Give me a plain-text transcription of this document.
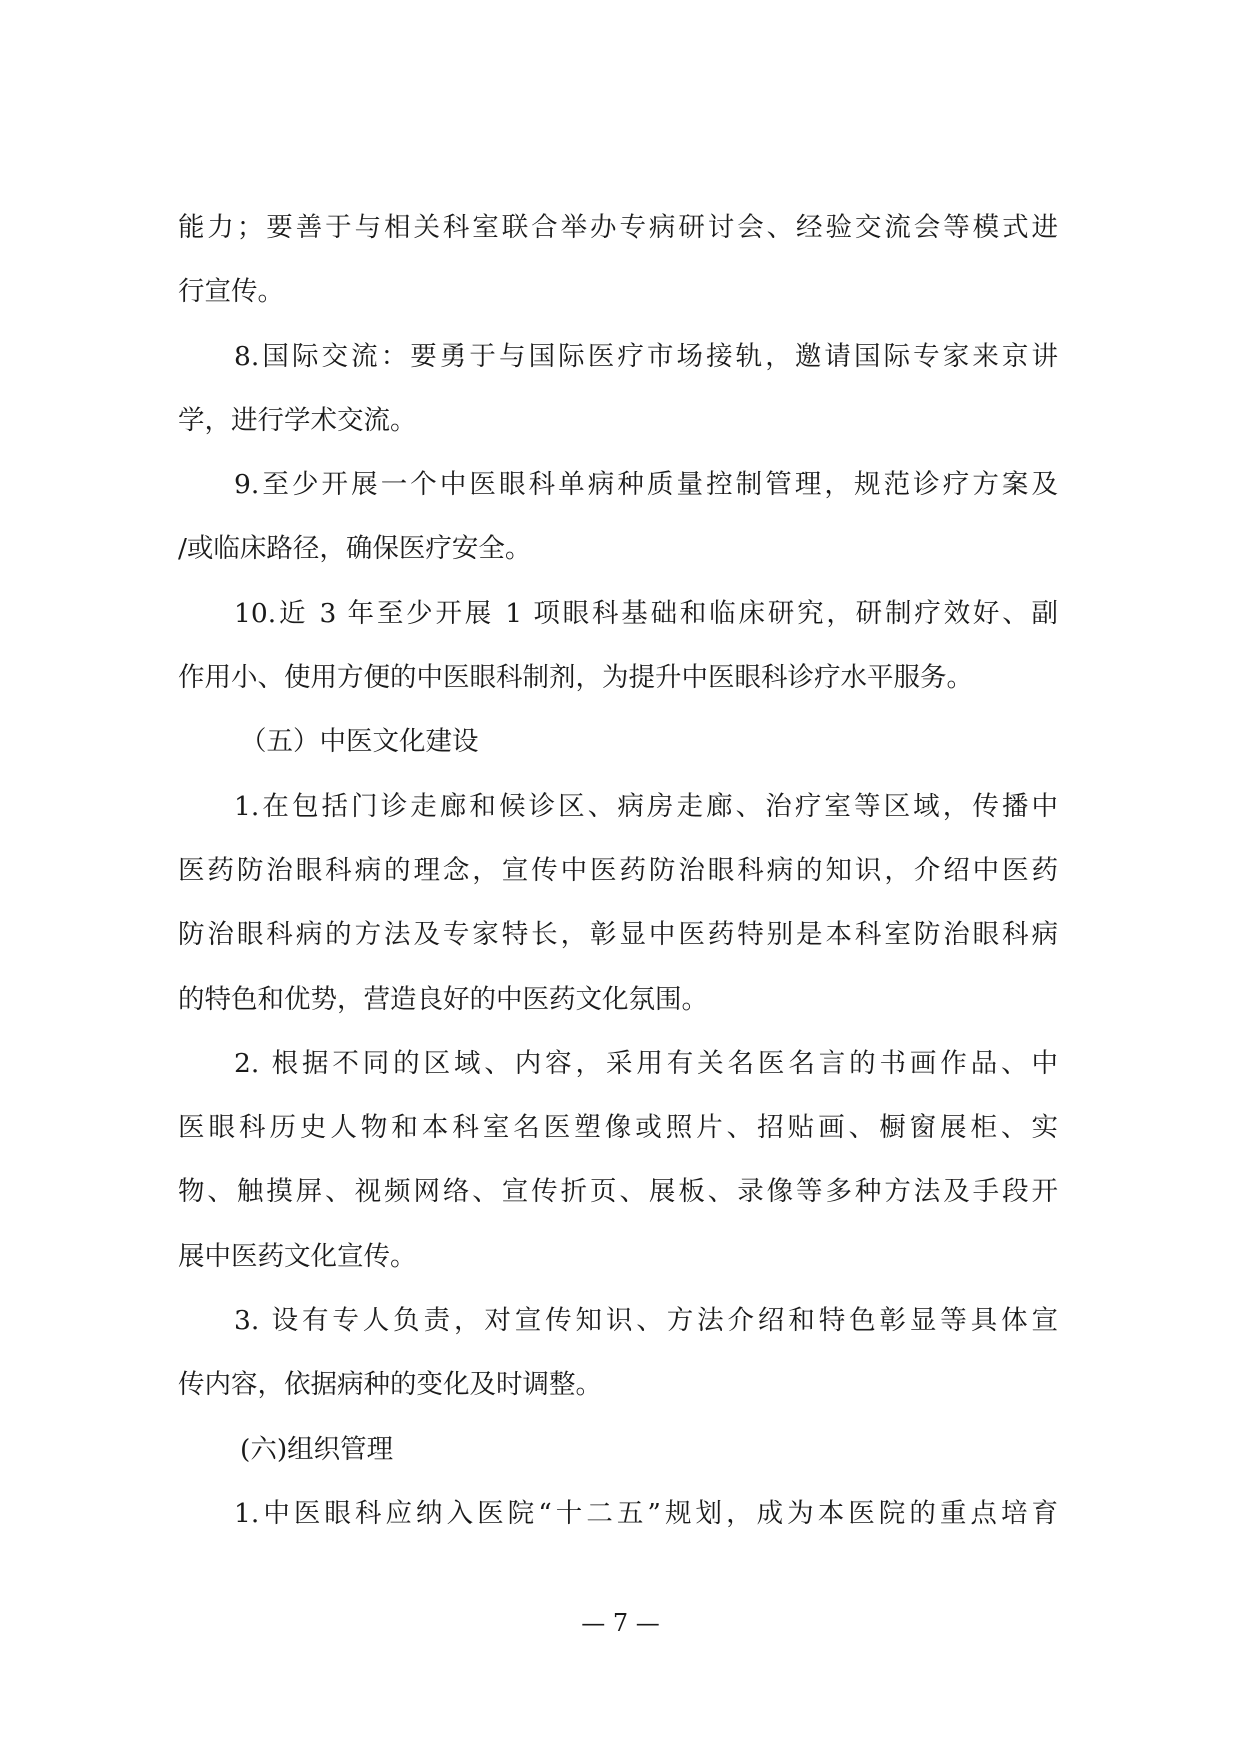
能力；要善于与相关科室联合举办专病研讨会、经验交流会等模式进
行宣传。
8.国际交流：要勇于与国际医疗市场接轨，邀请国际专家来京讲
学，进行学术交流。
9.至少开展一个中医眼科单病种质量控制管理，规范诊疗方案及
/或临床路径，确保医疗安全。
10.近 3 年至少开展 1 项眼科基础和临床研究，研制疗效好、副
作用小、使用方便的中医眼科制剂，为提升中医眼科诊疗水平服务。
（五）中医文化建设
1.在包括门诊走廊和候诊区、病房走廊、治疗室等区域，传播中
医药防治眼科病的理念，宣传中医药防治眼科病的知识，介绍中医药
防治眼科病的方法及专家特长，彰显中医药特别是本科室防治眼科病
的特色和优势，营造良好的中医药文化氛围。
2. 根据不同的区域、内容，采用有关名医名言的书画作品、中
医眼科历史人物和本科室名医塑像或照片、招贴画、橱窗展柜、实
物、触摸屏、视频网络、宣传折页、展板、录像等多种方法及手段开
展中医药文化宣传。
3. 设有专人负责，对宣传知识、方法介绍和特色彰显等具体宣
传内容，依据病种的变化及时调整。
(六)组织管理
1.中医眼科应纳入医院“十二五”规划，成为本医院的重点培育
— 7 —
